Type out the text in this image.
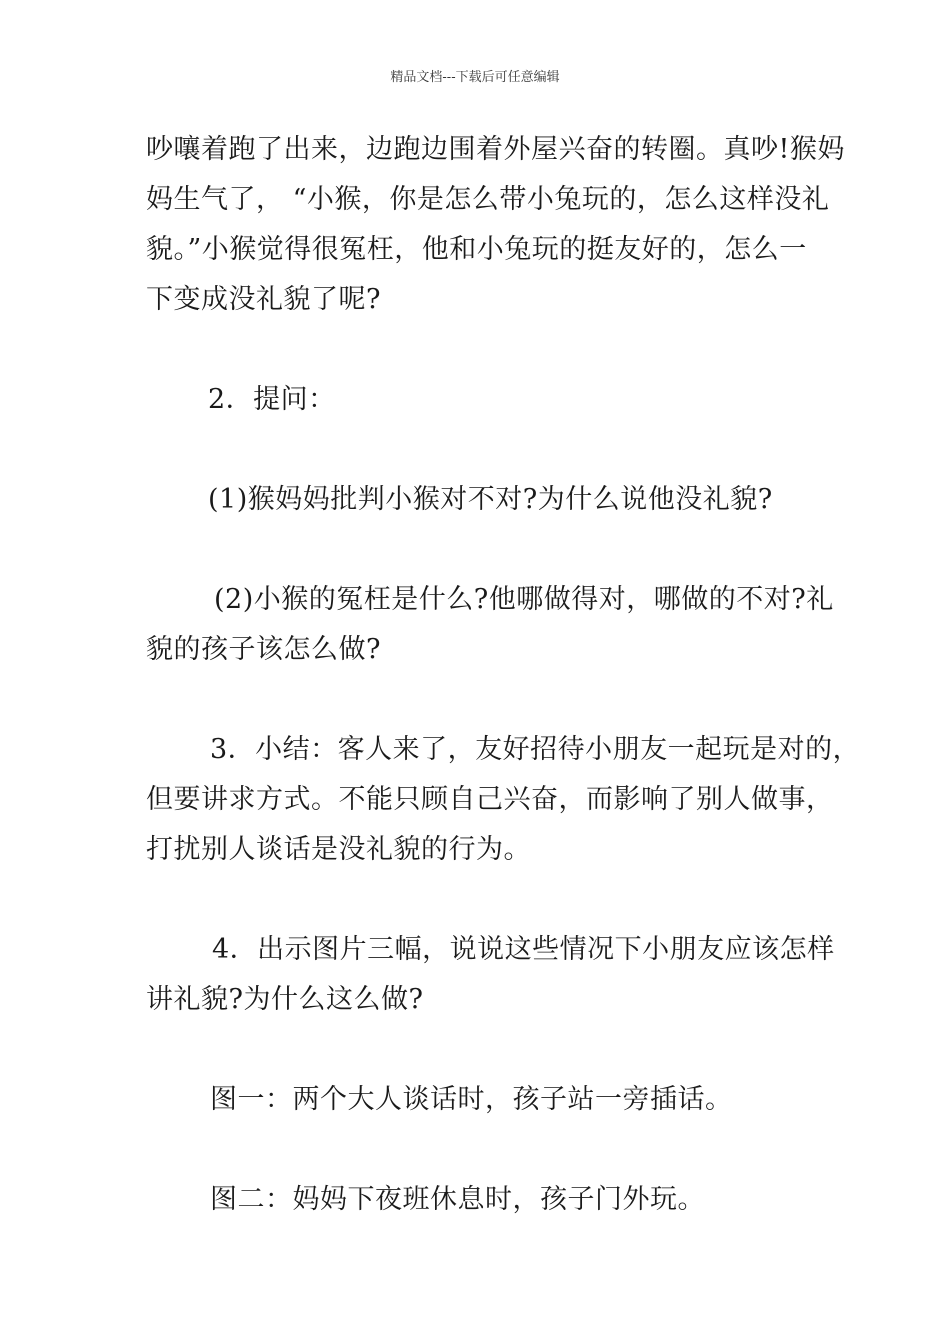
精品文档---下载后可任意编辑
吵嚷着跑了出来，边跑边围着外屋兴奋的转圈。真吵!猴妈
妈生气了， “小猴，你是怎么带小兔玩的，怎么这样没礼
貌。”小猴觉得很冤枉，他和小兔玩的挺友好的，怎么一
下变成没礼貌了呢?
2．提问：
(1)猴妈妈批判小猴对不对?为什么说他没礼貌?
(2)小猴的冤枉是什么?他哪做得对，哪做的不对?礼
貌的孩子该怎么做?
3．小结：客人来了，友好招待小朋友一起玩是对的，
但要讲求方式。不能只顾自己兴奋，而影响了别人做事，
打扰别人谈话是没礼貌的行为。
4．出示图片三幅，说说这些情况下小朋友应该怎样
讲礼貌?为什么这么做?
图一：两个大人谈话时，孩子站一旁插话。
图二：妈妈下夜班休息时，孩子门外玩。
